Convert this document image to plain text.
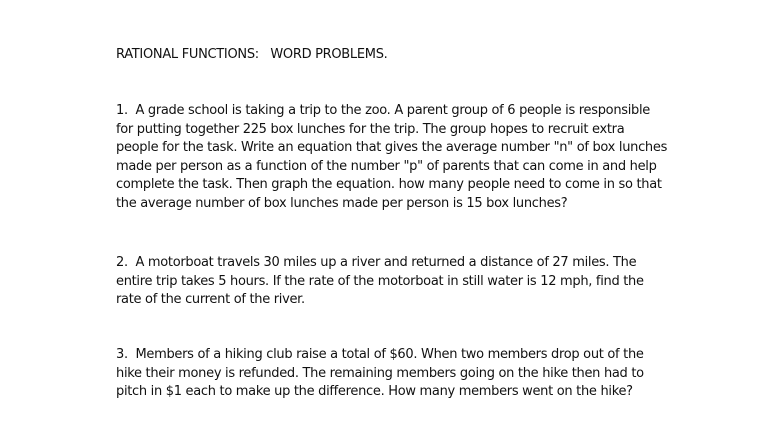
RATIONAL FUNCTIONS:   WORD PROBLEMS.
1.  A grade school is taking a trip to the zoo. A parent group of 6 people is responsible
for putting together 225 box lunches for the trip. The group hopes to recruit extra
people for the task. Write an equation that gives the average number "n" of box lunches
made per person as a function of the number "p" of parents that can come in and help
complete the task. Then graph the equation. how many people need to come in so that
the average number of box lunches made per person is 15 box lunches?
2.  A motorboat travels 30 miles up a river and returned a distance of 27 miles. The
entire trip takes 5 hours. If the rate of the motorboat in still water is 12 mph, find the
rate of the current of the river.
3.  Members of a hiking club raise a total of $60. When two members drop out of the
hike their money is refunded. The remaining members going on the hike then had to
pitch in $1 each to make up the difference. How many members went on the hike?
